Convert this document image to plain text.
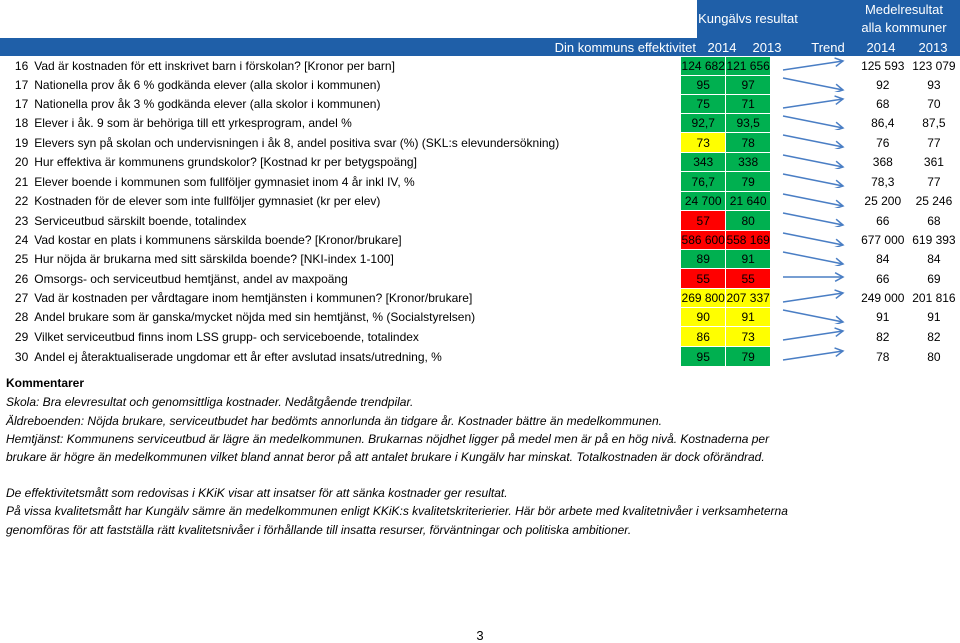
Kungälvs resultat
Medelresultat
alla kommuner
Din kommuns effektivitet 2014	2013	Trend	2014	2013
16	Vad är kostnaden för ett inskrivet barn i förskolan? [Kronor per barn]	124 682	121 656		125 593	123 079
17	Nationella prov åk 6 % godkända elever (alla skolor i kommunen)	95	97		92	93
17	Nationella prov åk 3 % godkända elever (alla skolor i kommunen)	75	71		68	70
18	Elever i åk. 9 som är behöriga till ett yrkesprogram, andel %	92,7	93,5		86,4	87,5
19	Elevers syn på skolan och undervisningen i åk 8, andel positiva svar (%) (SKL:s elevundersökning)	73	78		76	77
20	Hur effektiva är kommunens grundskolor? [Kostnad kr per betygspoäng]	343	338		368	361
21	Elever boende i kommunen som fullföljer gymnasiet inom 4 år inkl IV, %	76,7	79		78,3	77
22	Kostnaden för de elever som inte fullföljer gymnasiet (kr per elev)	24 700	21 640		25 200	25 246
23	Serviceutbud särskilt boende, totalindex	57	80		66	68
24	Vad kostar en plats i kommunens särskilda boende? [Kronor/brukare]	586 600	558 169		677 000	619 393
25	Hur nöjda är brukarna med sitt särskilda boende? [NKI-index 1-100]	89	91		84	84
26	Omsorgs- och serviceutbud hemtjänst, andel av maxpoäng	55	55		66	69
27	Vad är kostnaden per vårdtagare inom hemtjänsten i kommunen? [Kronor/brukare]	269 800	207 337		249 000	201 816
28	Andel brukare som är ganska/mycket nöjda med sin hemtjänst, % (Socialstyrelsen)	90	91		91	91
29	Vilket serviceutbud finns inom LSS grupp- och serviceboende, totalindex	86	73		82	82
30	Andel ej återaktualiserade ungdomar ett år efter avslutad insats/utredning, %	95	79		78	80
Kommentarer
Skola: Bra elevresultat och genomsittliga kostnader. Nedåtgående trendpilar.
Äldreboenden: Nöjda brukare, serviceutbudet har bedömts annorlunda än tidgare år. Kostnader bättre än medelkommunen.
Hemtjänst: Kommunens serviceutbud är lägre än medelkommunen. Brukarnas nöjdhet ligger på medel men är på en hög nivå. Kostnaderna per
brukare är högre än medelkommunen vilket bland annat beror på att antalet brukare i Kungälv har minskat. Totalkostnaden är dock oförändrad.
De effektivitetsmått som redovisas i KKiK visar att insatser för att sänka kostnader ger resultat.
På vissa kvalitetsmått har Kungälv sämre än medelkommunen enligt KKiK:s kvalitetskriterierier. Här bör arbete med kvalitetnivåer i verksamheterna
genomföras för att fastställa rätt kvalitetsnivåer i förhållande till insatta resurser, förväntningar och politiska ambitioner.
3
